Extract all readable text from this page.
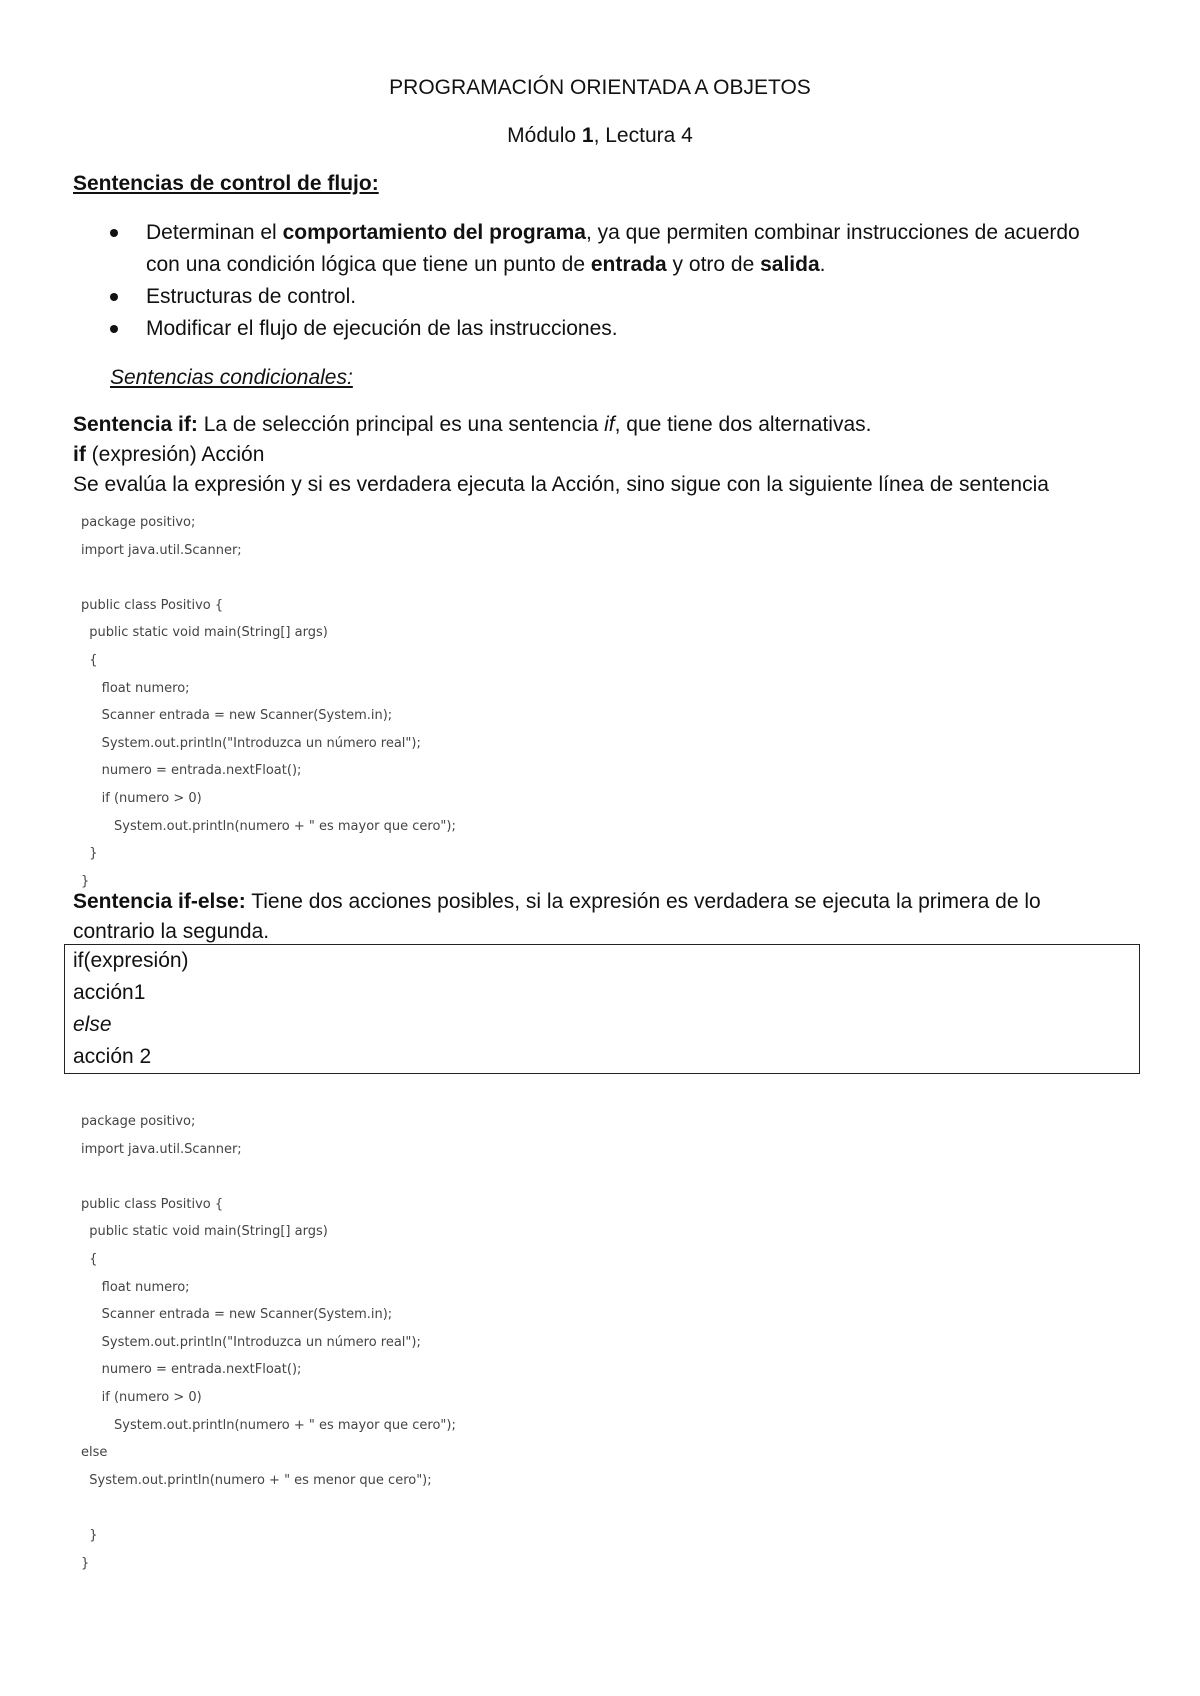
PROGRAMACIÓN ORIENTADA A OBJETOS
Módulo 1, Lectura 4
Sentencias de control de flujo:
Determinan el comportamiento del programa, ya que permiten combinar instrucciones de acuerdo
con una condición lógica que tiene un punto de entrada y otro de salida.
Estructuras de control.
Modificar el flujo de ejecución de las instrucciones.
Sentencias condicionales:
Sentencia if: La de selección principal es una sentencia if, que tiene dos alternativas.
if (expresión) Acción
Se evalúa la expresión y si es verdadera ejecuta la Acción, sino sigue con la siguiente línea de sentencia
package positivo;
import java.util.Scanner;
public class Positivo {
public static void main(String[] args)
{
float numero;
Scanner entrada = new Scanner(System.in);
System.out.println("Introduzca un número real");
numero = entrada.nextFloat();
if (numero > 0)
System.out.println(numero + " es mayor que cero");
}
}
Sentencia if-else: Tiene dos acciones posibles, si la expresión es verdadera se ejecuta la primera de lo
contrario la segunda.
if(expresión)
acción1
else
acción 2
package positivo;
import java.util.Scanner;
public class Positivo {
public static void main(String[] args)
{
float numero;
Scanner entrada = new Scanner(System.in);
System.out.println("Introduzca un número real");
numero = entrada.nextFloat();
if (numero > 0)
System.out.println(numero + " es mayor que cero");
else
System.out.println(numero + " es menor que cero");
}
}
